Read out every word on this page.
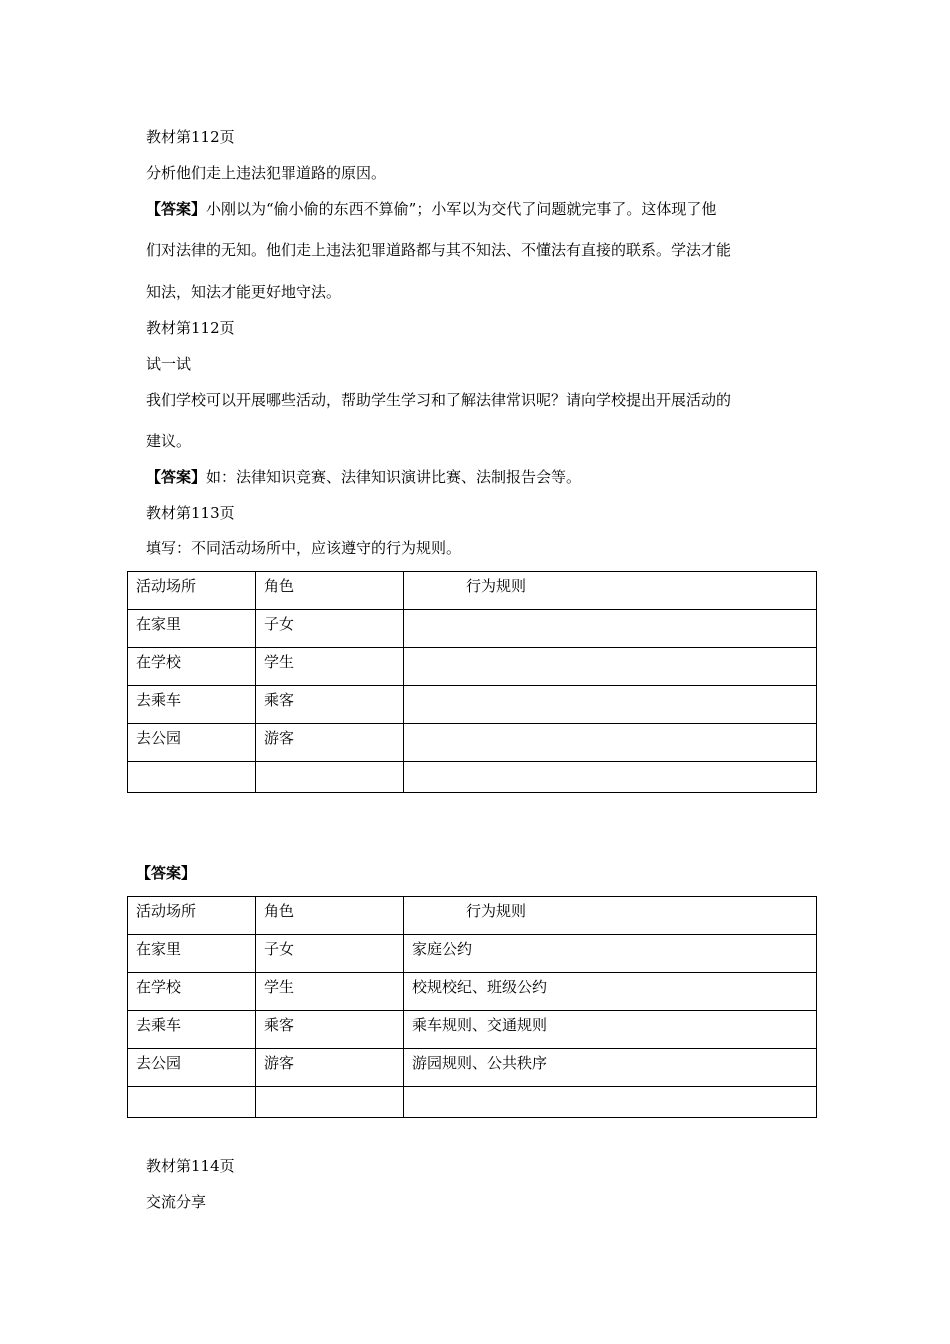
教材第112页
分析他们走上违法犯罪道路的原因。
【答案】小刚以为“偷小偷的东西不算偷”；小军以为交代了问题就完事了。这体现了他
们对法律的无知。他们走上违法犯罪道路都与其不知法、不懂法有直接的联系。学法才能
知法，知法才能更好地守法。
教材第112页
试一试
我们学校可以开展哪些活动，帮助学生学习和了解法律常识呢？请向学校提出开展活动的
建议。
【答案】如：法律知识竞赛、法律知识演讲比赛、法制报告会等。
教材第113页
填写：不同活动场所中，应该遵守的行为规则。
活动场所	角色	行为规则
在家里	子女	
在学校	学生	
去乘车	乘客	
去公园	游客	

【答案】
活动场所	角色	行为规则
在家里	子女	家庭公约
在学校	学生	校规校纪、班级公约
去乘车	乘客	乘车规则、交通规则
去公园	游客	游园规则、公共秩序

教材第114页
交流分享
